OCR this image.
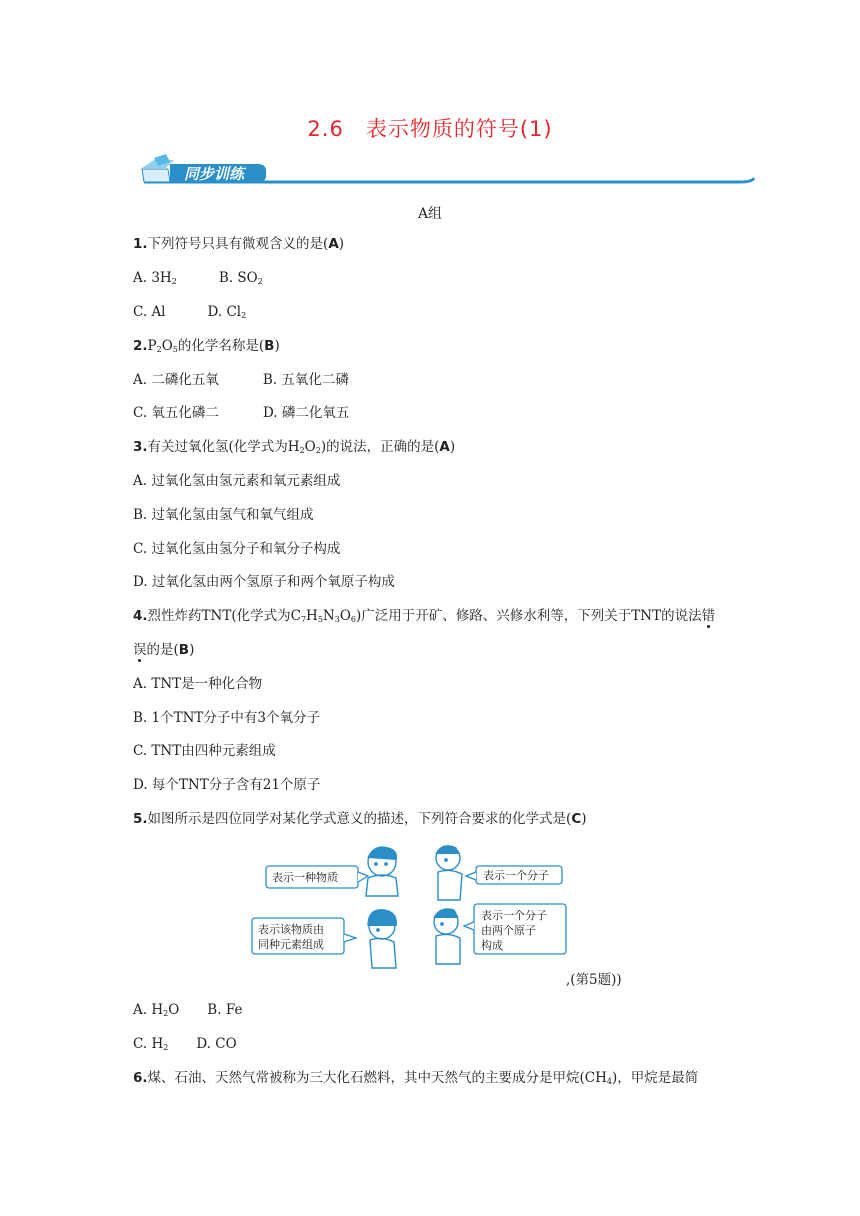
2.6　表示物质的符号(1)
同步训练
A组
1.下列符号只具有微观含义的是(A)
A. $3H_2$	B. $SO_2$
C. Al	D. $Cl_2$
$2.P_2O_5$的化学名称是(B)
A. 二磷化五氧	B. 五氧化二磷
C. 氧五化磷二	D. 磷二化氧五
3.有关过氧化氢(化学式为$H_2O_2$)的说法，正确的是(A)
A. 过氧化氢由氢元素和氧元素组成
B. 过氧化氢由氢气和氧气组成
C. 过氧化氢由氢分子和氧分子构成
D. 过氧化氢由两个氢原子和两个氧原子构成
4.烈性炸药TNT(化学式为$C_7H_5N_3O_6$)广泛用于开矿、修路、兴修水利等，下列关于TNT的说法错
误的是(B)
A. TNT是一种化合物
B. 1个TNT分子中有3个氧分子
C. TNT由四种元素组成
D. 每个TNT分子含有21个原子
5.如图所示是四位同学对某化学式意义的描述，下列符合要求的化学式是(C)
表示一种物质	表示一个分子
表示该物质由
同种元素组成
表示一个分子
由两个原子
构成
,(第5题))
A. $H_2O$ B. Fe
C. $H_2$ D. CO
6.煤、石油、天然气常被称为三大化石燃料，其中天然气的主要成分是甲烷$(CH_4)$，甲烷是最简
